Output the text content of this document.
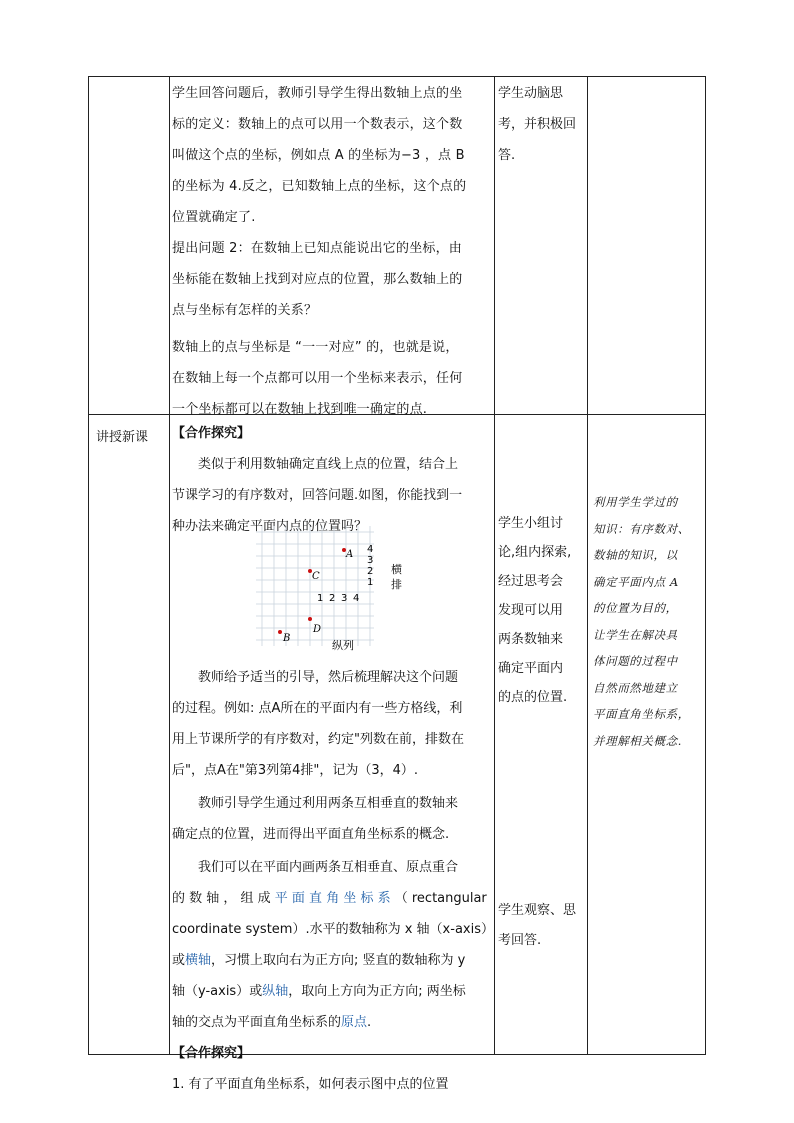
学生回答问题后，教师引导学生得出数轴上点的坐

标的定义：数轴上的点可以用一个数表示，这个数

叫做这个点的坐标，例如点 A 的坐标为−3 ，点 B

的坐标为 4.反之，已知数轴上点的坐标，这个点的

位置就确定了.

提出问题 2：在数轴上已知点能说出它的坐标，由

坐标能在数轴上找到对应点的位置，那么数轴上的

点与坐标有怎样的关系？

数轴上的点与坐标是 “一一对应” 的，也就是说，

在数轴上每一个点都可以用一个坐标来表示，任何

一个坐标都可以在数轴上找到唯一确定的点.

学生动脑思
考，并积极回
答.
讲授新课 【合作探究】

类似于利用数轴确定直线上点的位置，结合上

节课学习的有序数对，回答问题.如图，你能找到一

种办法来确定平面内点的位置吗？

A
C
D
B
4
3
2
1
1 2 3 4
横
排
纵列

教师给予适当的引导，然后梳理解决这个问题

的过程。例如: 点A所在的平面内有一些方格线，利

用上节课所学的有序数对，约定"列数在前，排数在

后"，点A在"第3列第4排"，记为（3，4）.

教师引导学生通过利用两条互相垂直的数轴来

确定点的位置，进而得出平面直角坐标系的概念.

我们可以在平面内画两条互相垂直、原点重合

的 数 轴 ， 组 成 平 面 直 角 坐 标 系 （ rectangular

coordinate system）.水平的数轴称为 x 轴（x-axis）

或横轴，习惯上取向右为正方向; 竖直的数轴称为 y

轴（y-axis）或纵轴，取向上方向为正方向; 两坐标

轴的交点为平面直角坐标系的原点.

【合作探究】

1. 有了平面直角坐标系，如何表示图中点的位置

学生小组讨
论,组内探索,
经过思考会
发现可以用
两条数轴来
确定平面内
的点的位置.
学生观察、思
考回答.
利用学生学过的
知识：有序数对、
数轴的知识，以
确定平面内点 A
的位置为目的，
让学生在解决具
体问题的过程中
自然而然地建立
平面直角坐标系，
并理解相关概念.
